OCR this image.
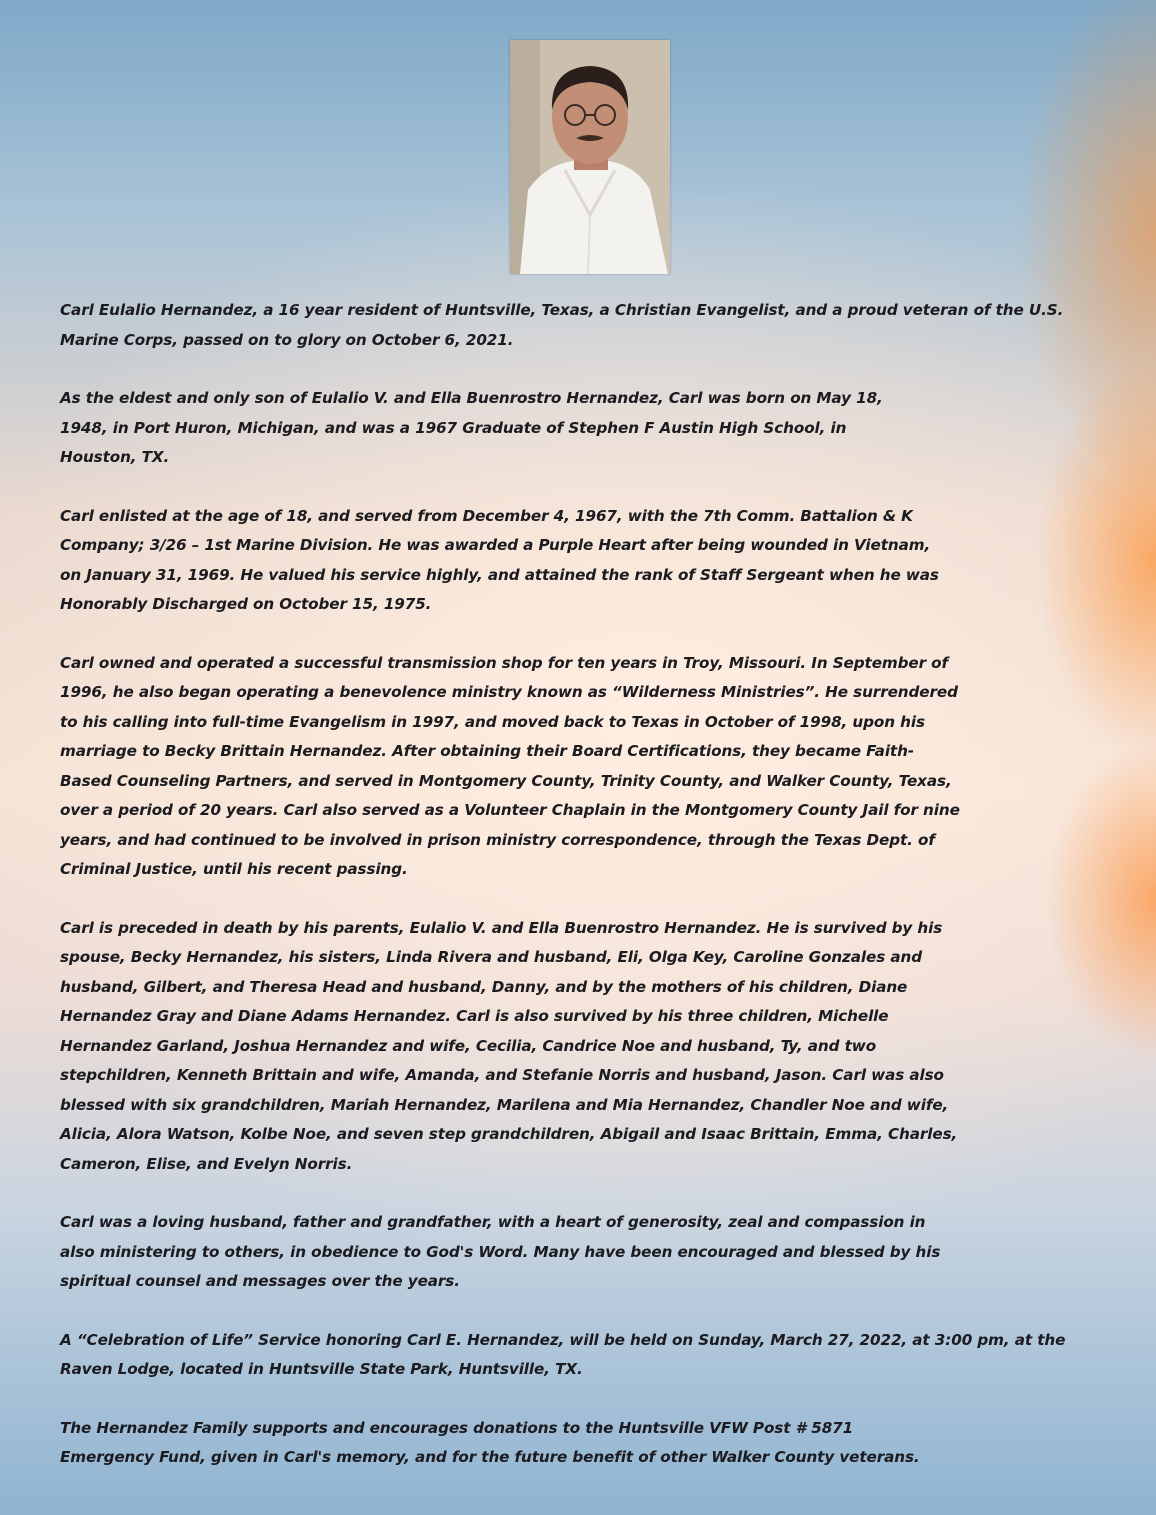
Carl Eulalio Hernandez, a 16 year resident of Huntsville, Texas, a Christian Evangelist, and a proud veteran of the U.S. Marine Corps, passed on to glory on October 6, 2021.

As the eldest and only son of Eulalio V. and Ella Buenrostro Hernandez, Carl was born on May 18, 1948, in Port Huron, Michigan, and was a 1967 Graduate of Stephen F Austin High School, in Houston, TX.

Carl enlisted at the age of 18, and served from December 4, 1967, with the 7th Comm. Battalion & K Company; 3/26 – 1st Marine Division. He was awarded a Purple Heart after being wounded in Vietnam, on January 31, 1969. He valued his service highly, and attained the rank of Staff Sergeant when he was Honorably Discharged on October 15, 1975.

Carl owned and operated a successful transmission shop for ten years in Troy, Missouri. In September of 1996, he also began operating a benevolence ministry known as “Wilderness Ministries”. He surrendered to his calling into full-time Evangelism in 1997, and moved back to Texas in October of 1998, upon his marriage to Becky Brittain Hernandez. After obtaining their Board Certifications, they became Faith-Based Counseling Partners, and served in Montgomery County, Trinity County, and Walker County, Texas, over a period of 20 years. Carl also served as a Volunteer Chaplain in the Montgomery County Jail for nine years, and had continued to be involved in prison ministry correspondence, through the Texas Dept. of Criminal Justice, until his recent passing.

Carl is preceded in death by his parents, Eulalio V. and Ella Buenrostro Hernandez. He is survived by his spouse, Becky Hernandez, his sisters, Linda Rivera and husband, Eli, Olga Key, Caroline Gonzales and husband, Gilbert, and Theresa Head and husband, Danny, and by the mothers of his children, Diane Hernandez Gray and Diane Adams Hernandez. Carl is also survived by his three children, Michelle Hernandez Garland, Joshua Hernandez and wife, Cecilia, Candrice Noe and husband, Ty, and two stepchildren, Kenneth Brittain and wife, Amanda, and Stefanie Norris and husband, Jason. Carl was also blessed with six grandchildren, Mariah Hernandez, Marilena and Mia Hernandez, Chandler Noe and wife, Alicia, Alora Watson, Kolbe Noe, and seven step grandchildren, Abigail and Isaac Brittain, Emma, Charles, Cameron, Elise, and Evelyn Norris.

Carl was a loving husband, father and grandfather, with a heart of generosity, zeal and compassion in also ministering to others, in obedience to God's Word. Many have been encouraged and blessed by his spiritual counsel and messages over the years.

A “Celebration of Life” Service honoring Carl E. Hernandez, will be held on Sunday, March 27, 2022, at 3:00 pm, at the Raven Lodge, located in Huntsville State Park, Huntsville, TX.

The Hernandez Family supports and encourages donations to the Huntsville VFW Post # 5871 Emergency Fund, given in Carl's memory, and for the future benefit of other Walker County veterans.
